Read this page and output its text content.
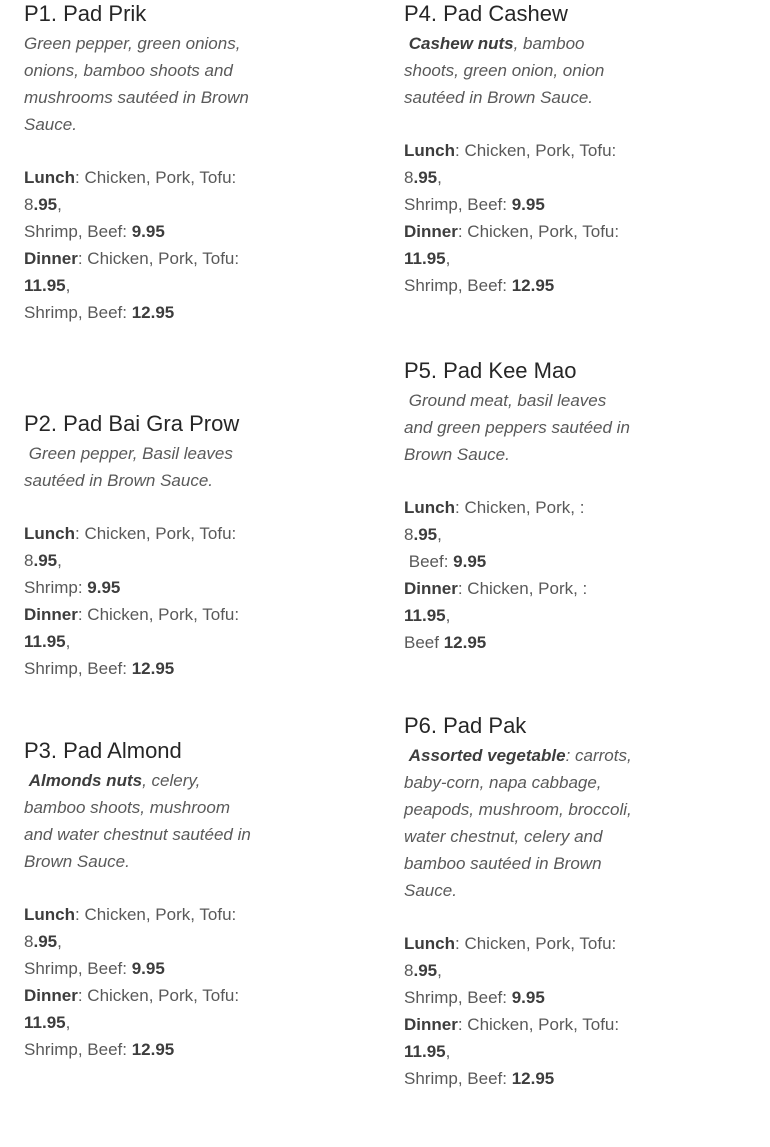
P1. Pad Prik

Green pepper, green onions,
onions, bamboo shoots and
mushrooms sautéed in Brown
Sauce.

Lunch: Chicken, Pork, Tofu:
8.95,
Shrimp, Beef: 9.95
Dinner: Chicken, Pork, Tofu:
11.95,
Shrimp, Beef: 12.95

P2. Pad Bai Gra Prow

Green pepper, Basil leaves
sautéed in Brown Sauce.

Lunch: Chicken, Pork, Tofu:
8.95,
Shrimp: 9.95
Dinner: Chicken, Pork, Tofu:
11.95,
Shrimp, Beef: 12.95

P3. Pad Almond

Almonds nuts, celery,
bamboo shoots, mushroom
and water chestnut sautéed in
Brown Sauce.

Lunch: Chicken, Pork, Tofu:
8.95,
Shrimp, Beef: 9.95
Dinner: Chicken, Pork, Tofu:
11.95,
Shrimp, Beef: 12.95

P4. Pad Cashew

Cashew nuts, bamboo
shoots, green onion, onion
sautéed in Brown Sauce.

Lunch: Chicken, Pork, Tofu:
8.95,
Shrimp, Beef: 9.95
Dinner: Chicken, Pork, Tofu:
11.95,
Shrimp, Beef: 12.95

P5. Pad Kee Mao

Ground meat, basil leaves
and green peppers sautéed in
Brown Sauce.

Lunch: Chicken, Pork, :
8.95,
Beef: 9.95
Dinner: Chicken, Pork, :
11.95,
Beef 12.95

P6. Pad Pak

Assorted vegetable: carrots,
baby-corn, napa cabbage,
peapods, mushroom, broccoli,
water chestnut, celery and
bamboo sautéed in Brown
Sauce.

Lunch: Chicken, Pork, Tofu:
8.95,
Shrimp, Beef: 9.95
Dinner: Chicken, Pork, Tofu:
11.95,
Shrimp, Beef: 12.95
